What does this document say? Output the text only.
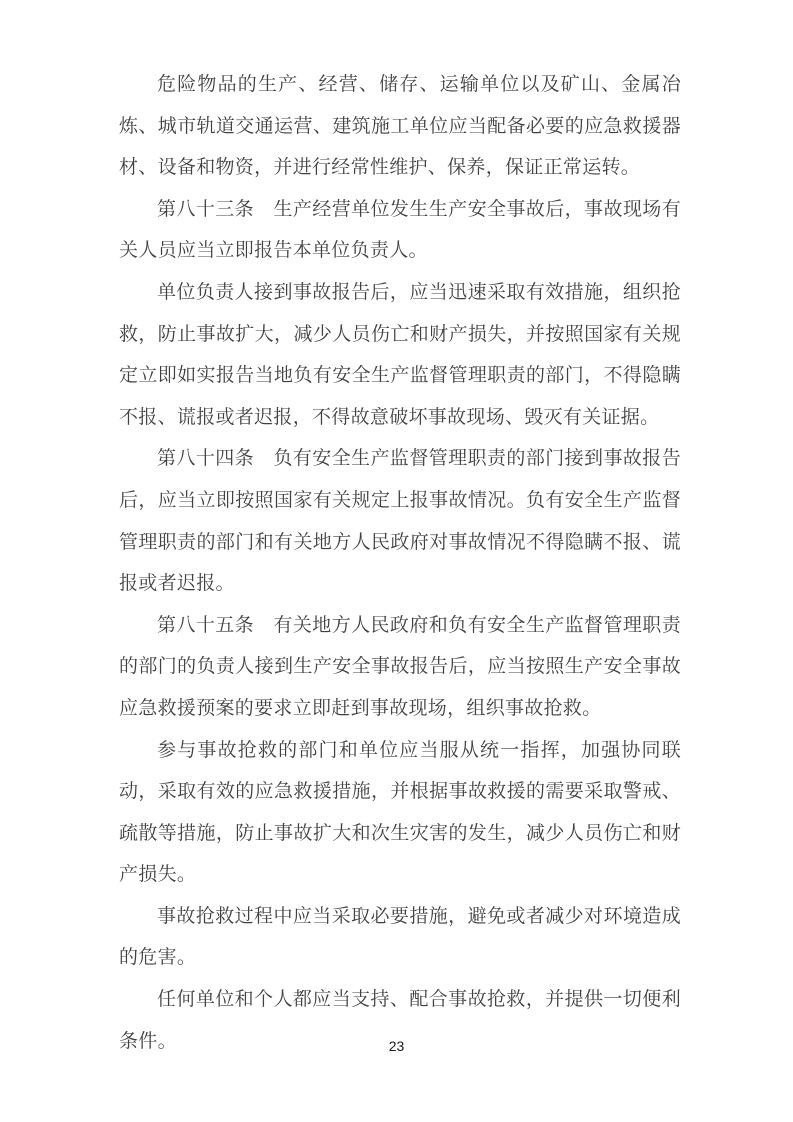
危险物品的生产、经营、储存、运输单位以及矿山、金属冶炼、城市轨道交通运营、建筑施工单位应当配备必要的应急救援器材、设备和物资，并进行经常性维护、保养，保证正常运转。

第八十三条　生产经营单位发生生产安全事故后，事故现场有关人员应当立即报告本单位负责人。

单位负责人接到事故报告后，应当迅速采取有效措施，组织抢救，防止事故扩大，减少人员伤亡和财产损失，并按照国家有关规定立即如实报告当地负有安全生产监督管理职责的部门，不得隐瞒不报、谎报或者迟报，不得故意破坏事故现场、毁灭有关证据。

第八十四条　负有安全生产监督管理职责的部门接到事故报告后，应当立即按照国家有关规定上报事故情况。负有安全生产监督管理职责的部门和有关地方人民政府对事故情况不得隐瞒不报、谎报或者迟报。

第八十五条　有关地方人民政府和负有安全生产监督管理职责的部门的负责人接到生产安全事故报告后，应当按照生产安全事故应急救援预案的要求立即赶到事故现场，组织事故抢救。

参与事故抢救的部门和单位应当服从统一指挥，加强协同联动，采取有效的应急救援措施，并根据事故救援的需要采取警戒、疏散等措施，防止事故扩大和次生灾害的发生，减少人员伤亡和财产损失。

事故抢救过程中应当采取必要措施，避免或者减少对环境造成的危害。

任何单位和个人都应当支持、配合事故抢救，并提供一切便利条件。	23
